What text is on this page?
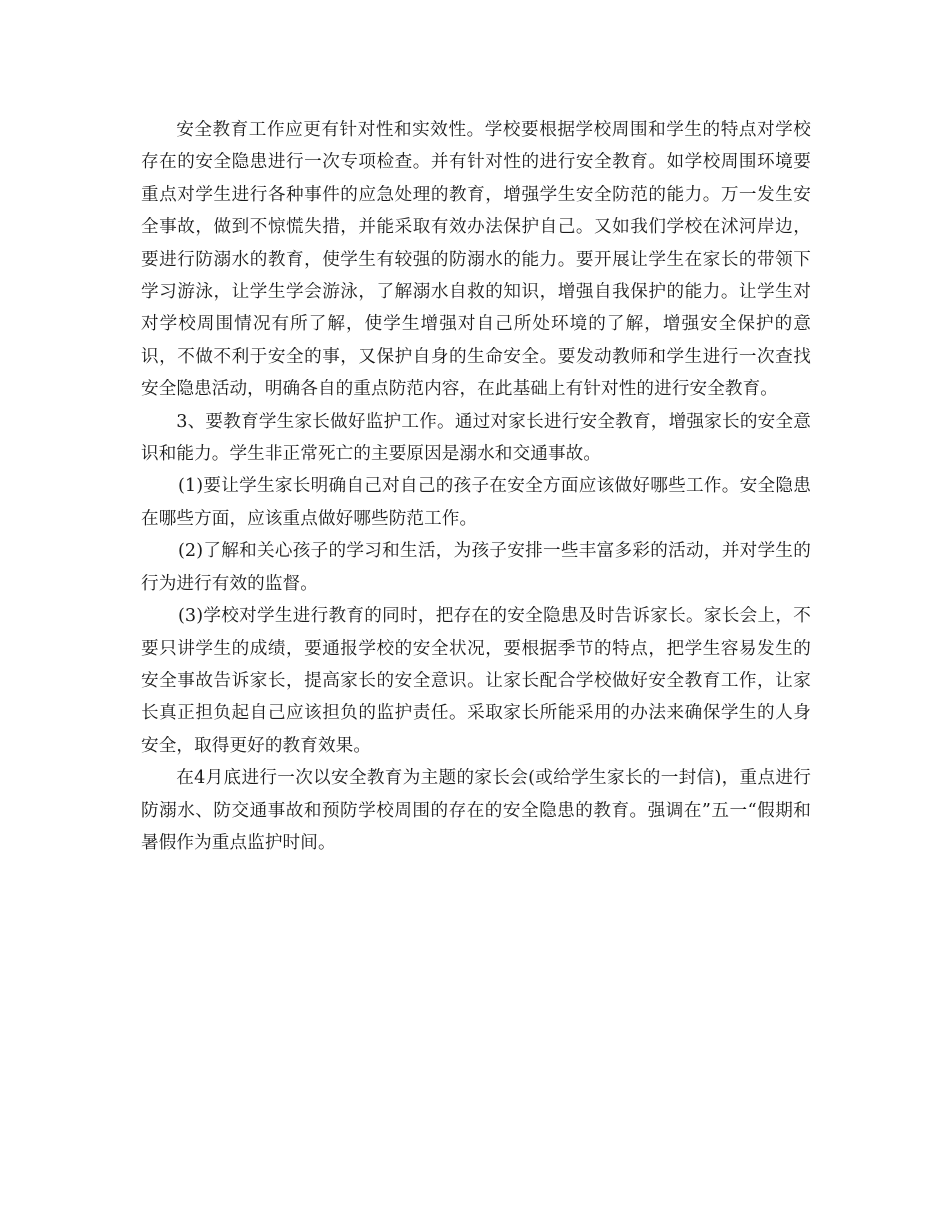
安全教育工作应更有针对性和实效性。学校要根据学校周围和学生的特点对学校存在的安全隐患进行一次专项检查。并有针对性的进行安全教育。如学校周围环境要重点对学生进行各种事件的应急处理的教育，增强学生安全防范的能力。万一发生安全事故，做到不惊慌失措，并能采取有效办法保护自己。又如我们学校在沭河岸边，要进行防溺水的教育，使学生有较强的防溺水的能力。要开展让学生在家长的带领下学习游泳，让学生学会游泳，了解溺水自救的知识，增强自我保护的能力。让学生对对学校周围情况有所了解，使学生增强对自己所处环境的了解，增强安全保护的意识，不做不利于安全的事，又保护自身的生命安全。要发动教师和学生进行一次查找安全隐患活动，明确各自的重点防范内容，在此基础上有针对性的进行安全教育。

3、要教育学生家长做好监护工作。通过对家长进行安全教育，增强家长的安全意识和能力。学生非正常死亡的主要原因是溺水和交通事故。

(1)要让学生家长明确自己对自己的孩子在安全方面应该做好哪些工作。安全隐患在哪些方面，应该重点做好哪些防范工作。

(2)了解和关心孩子的学习和生活，为孩子安排一些丰富多彩的活动，并对学生的行为进行有效的监督。

(3)学校对学生进行教育的同时，把存在的安全隐患及时告诉家长。家长会上，不要只讲学生的成绩，要通报学校的安全状况，要根据季节的特点，把学生容易发生的安全事故告诉家长，提高家长的安全意识。让家长配合学校做好安全教育工作，让家长真正担负起自己应该担负的监护责任。采取家长所能采用的办法来确保学生的人身安全，取得更好的教育效果。

在4月底进行一次以安全教育为主题的家长会(或给学生家长的一封信)，重点进行防溺水、防交通事故和预防学校周围的存在的安全隐患的教育。强调在”五一“假期和暑假作为重点监护时间。
